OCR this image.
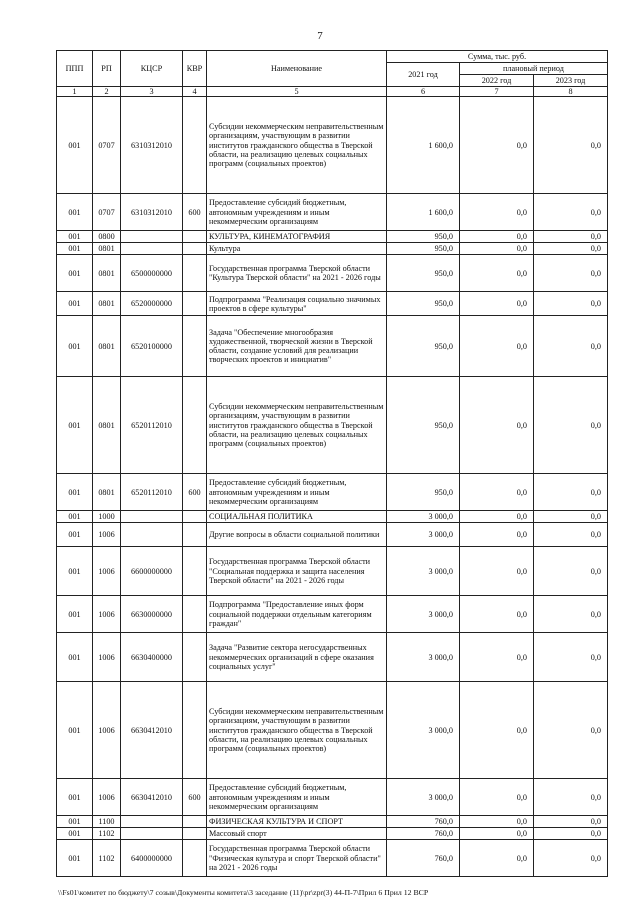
7
ППП	РП	КЦСР	КВР	Наименование	Сумма, тыс. руб.		
					2021 год	плановый период	
						2022 год	2023 год
1	2	3	4	5	6	7	8
001	0707	6310312010		Субсидии некоммерческим неправительственным организациям, участвующим в развитии институтов гражданского общества в Тверской области, на реализацию целевых социальных программ (социальных проектов)	1 600,0	0,0	0,0
001	0707	6310312010	600	Предоставление субсидий бюджетным, автономным учреждениям и иным некоммерческим организациям	1 600,0	0,0	0,0
001	0800			КУЛЬТУРА, КИНЕМАТОГРАФИЯ	950,0	0,0	0,0
001	0801			Культура	950,0	0,0	0,0
001	0801	6500000000		Государственная программа Тверской области "Культура Тверской области" на 2021 - 2026 годы	950,0	0,0	0,0
001	0801	6520000000		Подпрограмма "Реализация социально значимых проектов в сфере культуры"	950,0	0,0	0,0
001	0801	6520100000		Задача "Обеспечение многообразия художественной, творческой жизни в Тверской области, создание условий для реализации творческих проектов и инициатив"	950,0	0,0	0,0
001	0801	6520112010		Субсидии некоммерческим неправительственным организациям, участвующим в развитии институтов гражданского общества в Тверской области, на реализацию целевых социальных программ (социальных проектов)	950,0	0,0	0,0
001	0801	6520112010	600	Предоставление субсидий бюджетным, автономным учреждениям и иным некоммерческим организациям	950,0	0,0	0,0
001	1000			СОЦИАЛЬНАЯ ПОЛИТИКА	3 000,0	0,0	0,0
001	1006			Другие вопросы в области социальной политики	3 000,0	0,0	0,0
001	1006	6600000000		Государственная программа Тверской области "Социальная поддержка и защита населения Тверской области" на 2021 - 2026 годы	3 000,0	0,0	0,0
001	1006	6630000000		Подпрограмма "Предоставление иных форм социальной поддержки отдельным категориям граждан"	3 000,0	0,0	0,0
001	1006	6630400000		Задача "Развитие сектора негосударственных некоммерческих организаций в сфере оказания социальных услуг"	3 000,0	0,0	0,0
001	1006	6630412010		Субсидии некоммерческим неправительственным организациям, участвующим в развитии институтов гражданского общества в Тверской области, на реализацию целевых социальных программ (социальных проектов)	3 000,0	0,0	0,0
001	1006	6630412010	600	Предоставление субсидий бюджетным, автономным учреждениям и иным некоммерческим организациям	3 000,0	0,0	0,0
001	1100			ФИЗИЧЕСКАЯ КУЛЬТУРА И СПОРТ	760,0	0,0	0,0
001	1102			Массовый спорт	760,0	0,0	0,0
001	1102	6400000000		Государственная программа Тверской области "Физическая культура и спорт Тверской области" на 2021 - 2026 годы	760,0	0,0	0,0
\\Fs01\комитет по бюджету\7 созыв\Документы комитета\3 заседание (11)\pr\zpr(3) 44-П-7\Прил 6 Прил 12 ВСР
